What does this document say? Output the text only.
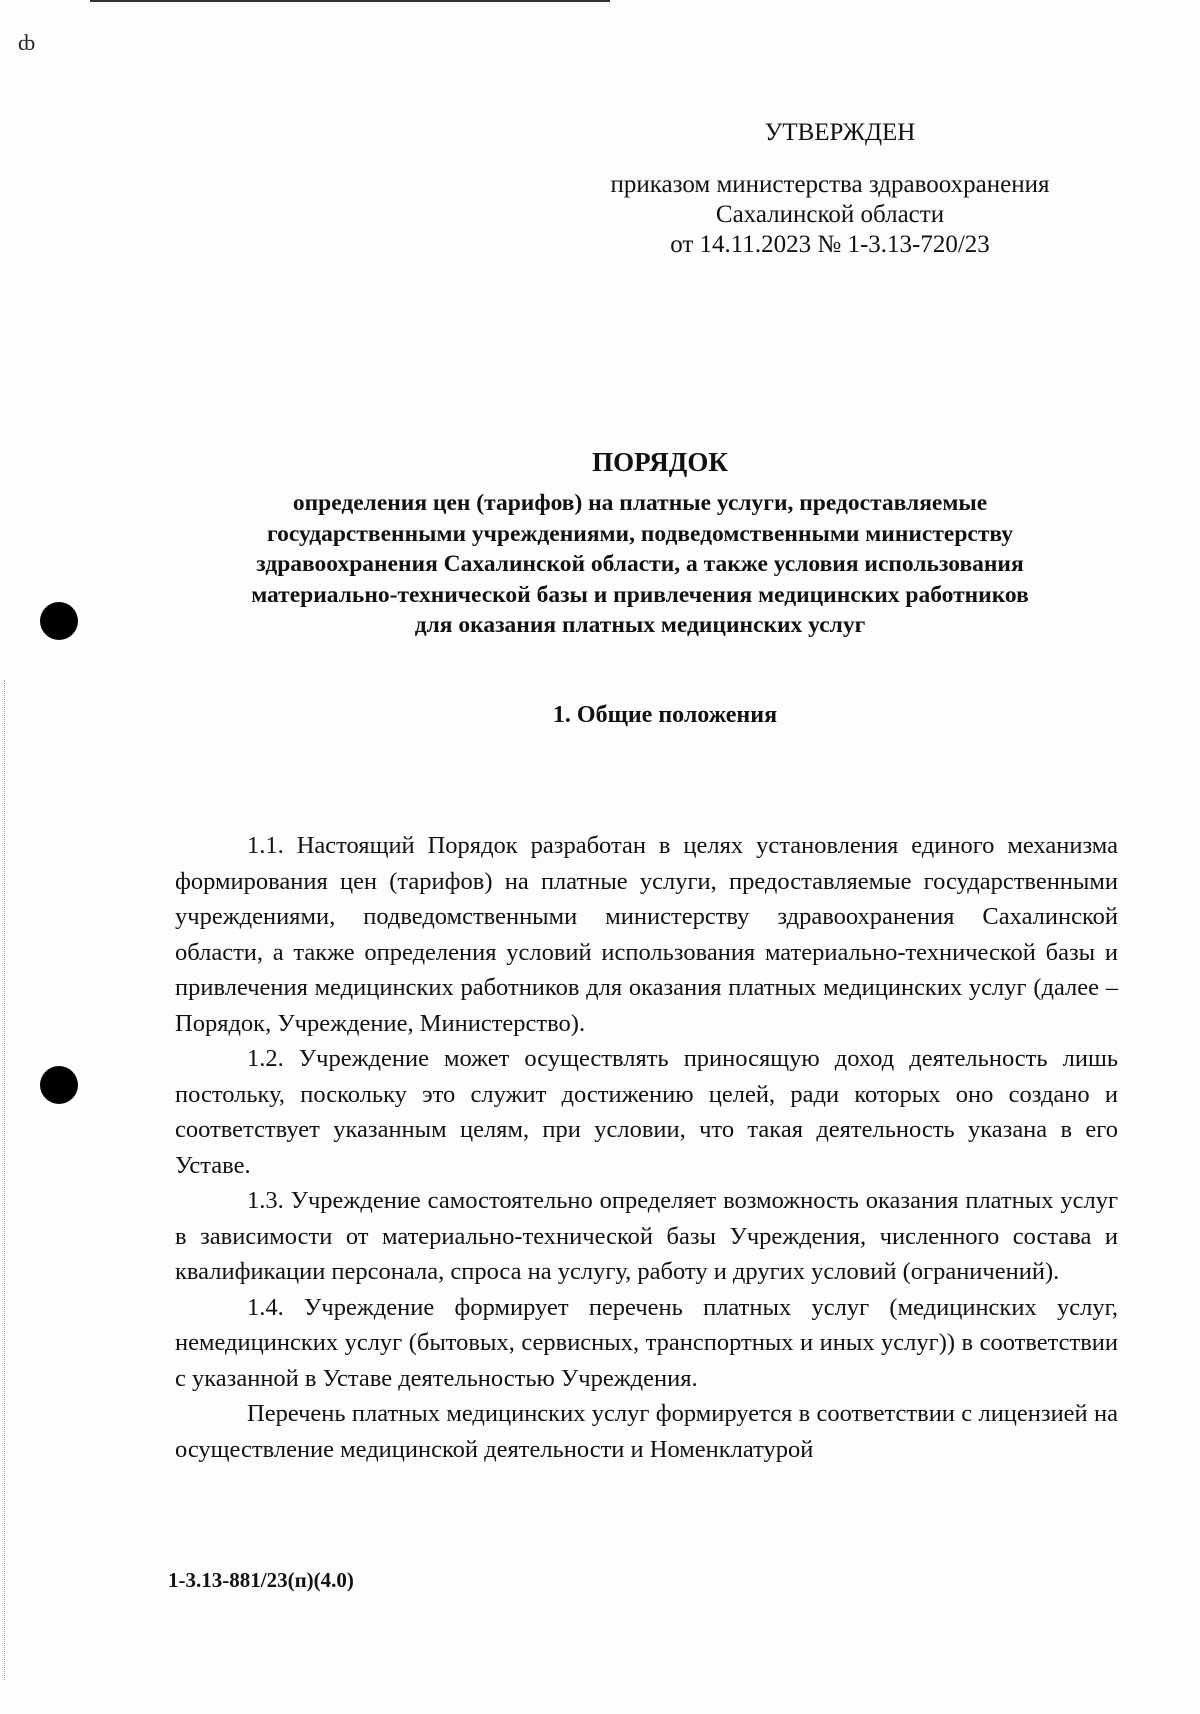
ȸ
УТВЕРЖДЕН
приказом министерства здравоохранения
Сахалинской области
от 14.11.2023 № 1-3.13-720/23
ПОРЯДОК
определения цен (тарифов) на платные услуги, предоставляемые
государственными учреждениями, подведомственными министерству
здравоохранения Сахалинской области, а также условия использования
материально-технической базы и привлечения медицинских работников
для оказания платных медицинских услуг
1. Общие положения

1.1. Настоящий Порядок разработан в целях установления единого механизма формирования цен (тарифов) на платные услуги, предоставляемые государственными учреждениями, подведомственными министерству здравоохранения Сахалинской области, а также определения условий использования материально-технической базы и привлечения медицинских работников для оказания платных медицинских услуг (далее – Порядок, Учреждение, Министерство).

1.2. Учреждение может осуществлять приносящую доход деятельность лишь постольку, поскольку это служит достижению целей, ради которых оно создано и соответствует указанным целям, при условии, что такая деятельность указана в его Уставе.

1.3. Учреждение самостоятельно определяет возможность оказания платных услуг в зависимости от материально-технической базы Учреждения, численного состава и квалификации персонала, спроса на услугу, работу и других условий (ограничений).

1.4. Учреждение формирует перечень платных услуг (медицинских услуг, немедицинских услуг (бытовых, сервисных, транспортных и иных услуг)) в соответствии с указанной в Уставе деятельностью Учреждения.

Перечень платных медицинских услуг формируется в соответствии с лицензией на осуществление медицинской деятельности и Номенклатурой

1-3.13-881/23(п)(4.0)
